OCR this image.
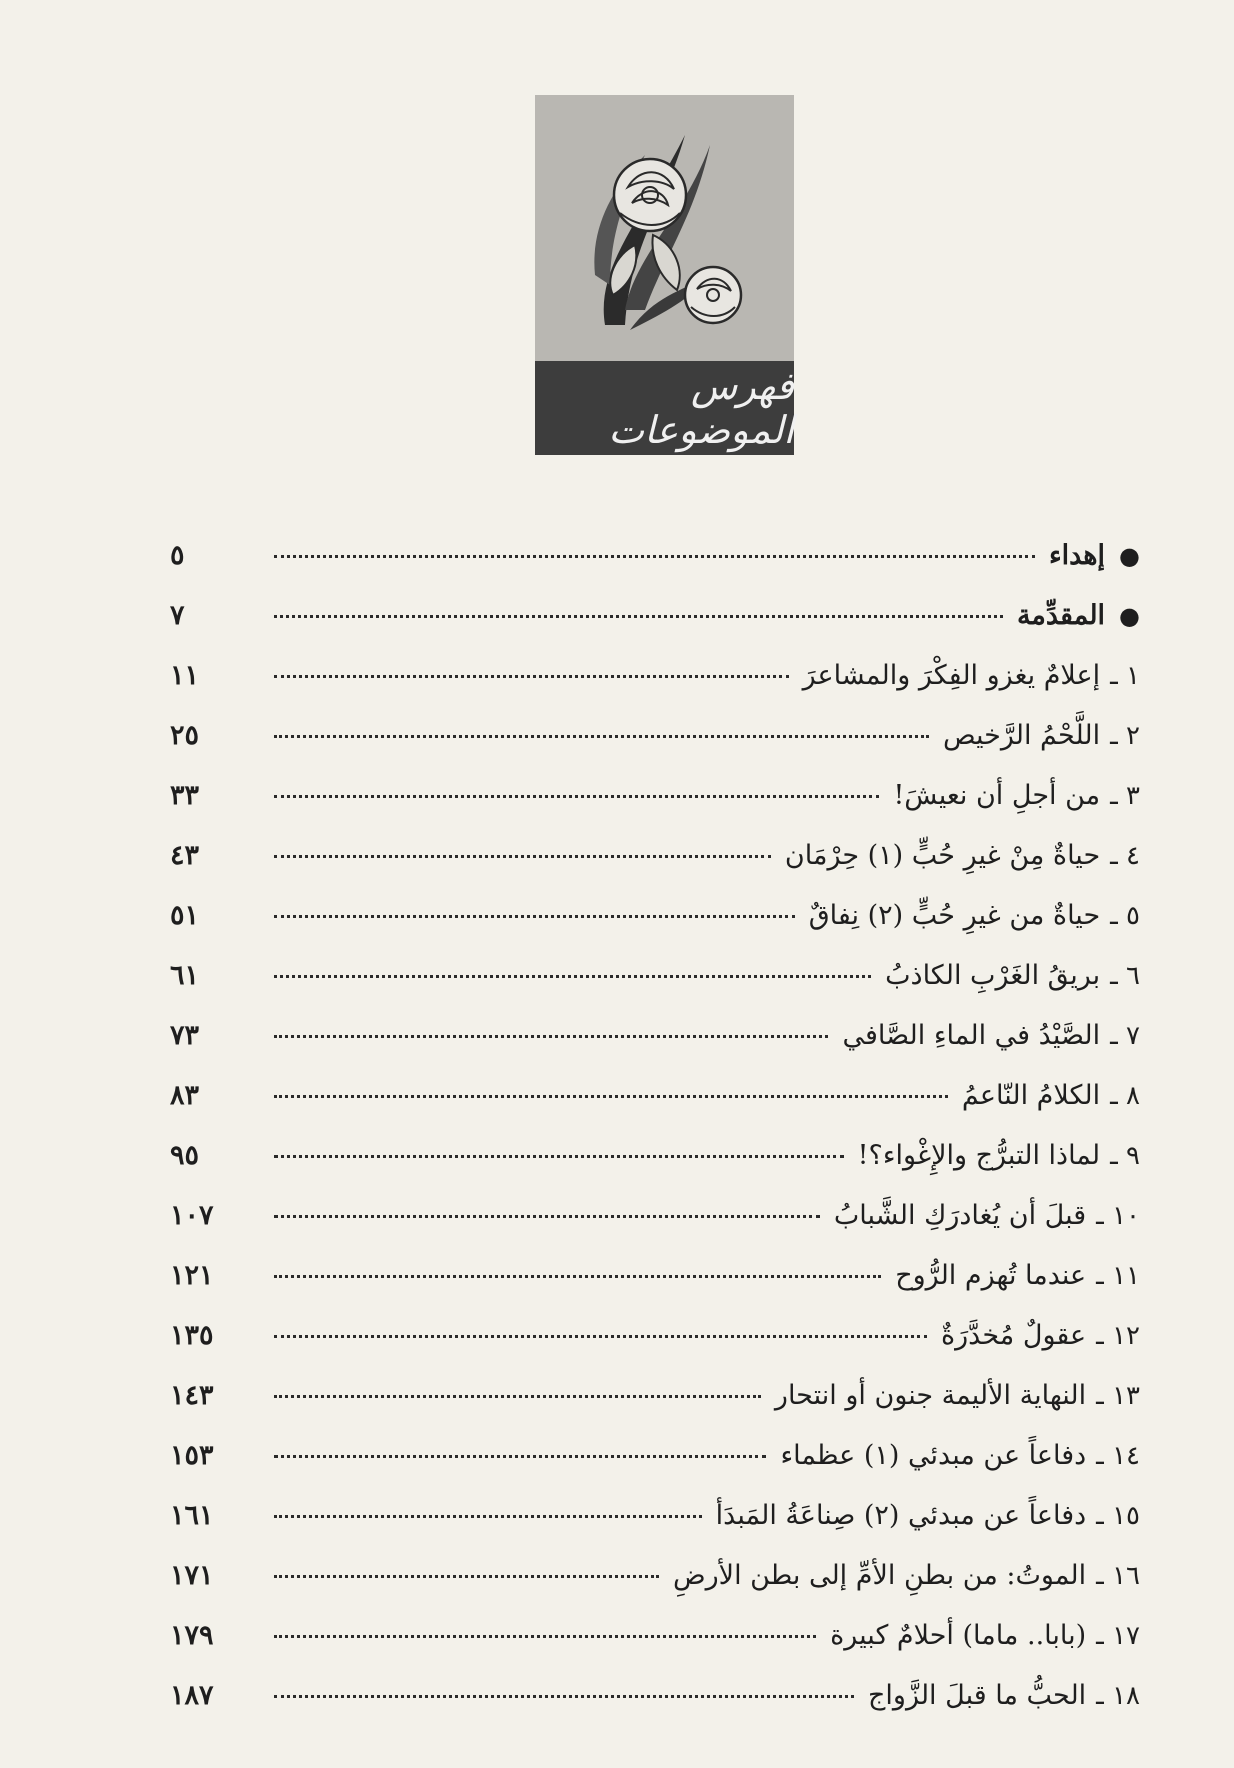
فهرس الموضوعات
●
إهداء
٥
●
المقدِّمة
٧
١ ـ
إعلامٌ يغزو الفِكْرَ والمشاعرَ
١١
٢ ـ
اللَّحْمُ الرَّخيص
٢٥
٣ ـ
من أجلِ أن نعيشَ!
٣٣
٤ ـ
حياةٌ مِنْ غيرِ حُبٍّ (١) حِرْمَان
٤٣
٥ ـ
حياةٌ من غيرِ حُبٍّ (٢) نِفاقٌ
٥١
٦ ـ
بريقُ الغَرْبِ الكاذبُ
٦١
٧ ـ
الصَّيْدُ في الماءِ الصَّافي
٧٣
٨ ـ
الكلامُ النّاعمُ
٨٣
٩ ـ
لماذا التبرُّج والإِغْواء؟!
٩٥
١٠ ـ
قبلَ أن يُغادرَكِ الشَّبابُ
١٠٧
١١ ـ
عندما تُهزم الرُّوح
١٢١
١٢ ـ
عقولٌ مُخدَّرَةٌ
١٣٥
١٣ ـ
النهاية الأليمة جنون أو انتحار
١٤٣
١٤ ـ
دفاعاً عن مبدئي (١) عظماء
١٥٣
١٥ ـ
دفاعاً عن مبدئي (٢) صِناعَةُ المَبدَأ
١٦١
١٦ ـ
الموتُ: من بطنِ الأمِّ إلى بطن الأرضِ
١٧١
١٧ ـ
(بابا.. ماما) أحلامٌ كبيرة
١٧٩
١٨ ـ
الحبُّ ما قبلَ الزَّواج
١٨٧
